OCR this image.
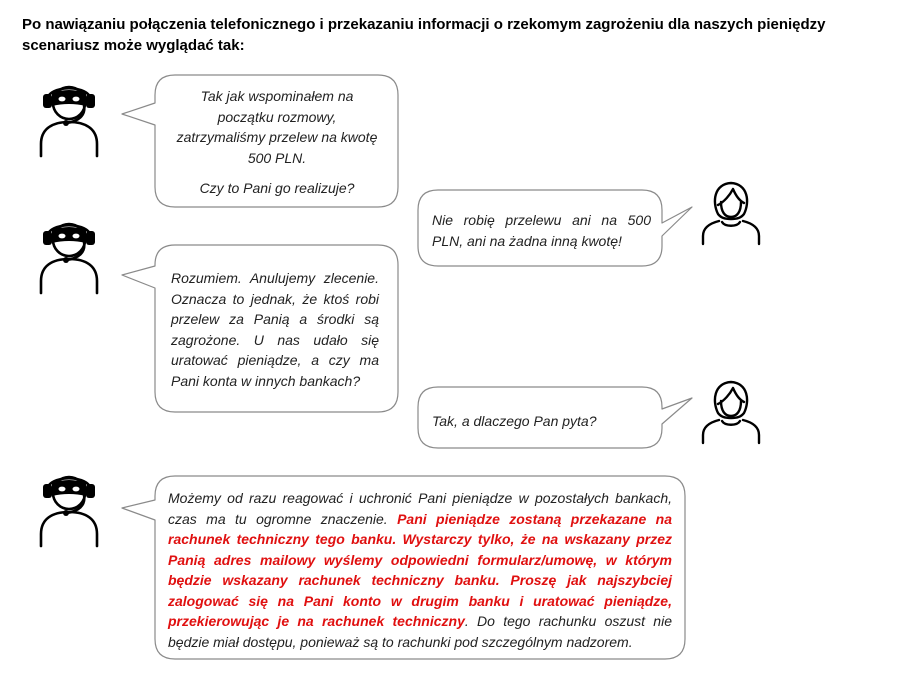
Po nawiązaniu połączenia telefonicznego i przekazaniu informacji o rzekomym zagrożeniu dla naszych pieniędzy
scenariusz może wyglądać tak:
Tak jak wspominałem na
początku rozmowy,
zatrzymaliśmy przelew na kwotę
500 PLN.
Czy to Pani go realizuje?

Nie robię przelewu ani na 500 PLN, ani na żadna inną kwotę!

Rozumiem. Anulujemy zlecenie. Oznacza to jednak, że ktoś robi przelew za Panią a środki są zagrożone. U nas udało się uratować pieniądze, a czy ma Pani konta w innych bankach?

Tak, a dlaczego Pan pyta?

Możemy od razu reagować i uchronić Pani pieniądze w pozostałych bankach, czas ma tu ogromne znaczenie. Pani pieniądze zostaną przekazane na rachunek techniczny tego banku. Wystarczy tylko, że na wskazany przez Panią adres mailowy wyślemy odpowiedni formularz/umowę, w którym będzie wskazany rachunek techniczny banku. Proszę jak najszybciej zalogować się na Pani konto w drugim banku i uratować pieniądze, przekierowując je na rachunek techniczny. Do tego rachunku oszust nie będzie miał dostępu, ponieważ są to rachunki pod szczególnym nadzorem.
